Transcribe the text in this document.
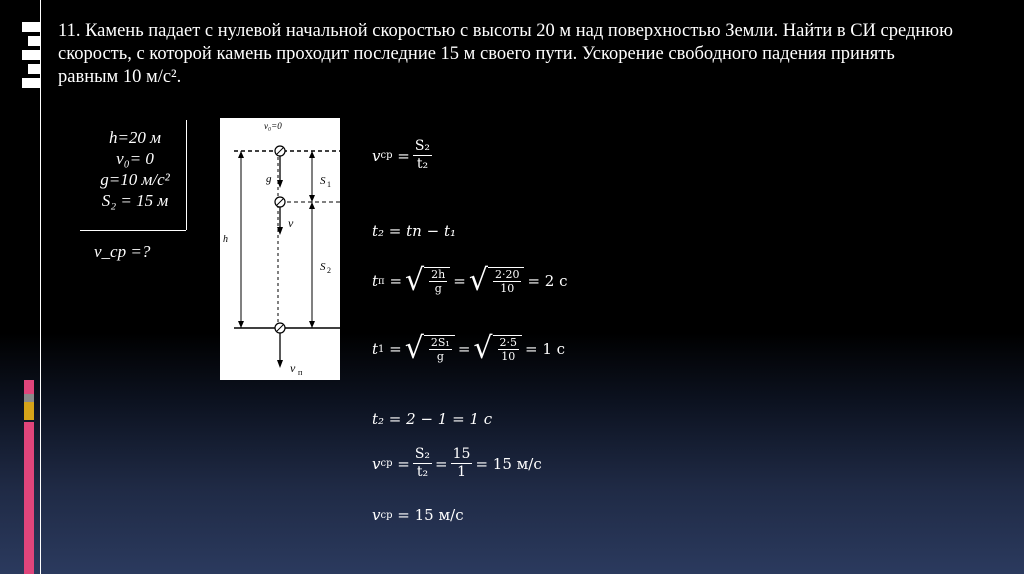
11. Камень падает с нулевой начальной скоростью с высоты 20 м над поверхностью Земли. Найти в СИ среднюю скорость, с которой камень проходит последние 15 м своего пути. Ускорение свободного падения принять равным 10 м/с².
h=20 м
v₀= 0
g=10 м/с²
S₂ = 15 м
v_ср =?
v₀=0
g
v
v п
h
S 1
S 2
v ср = $\frac{\text{S₂}}{\text{t₂}}$
t₂ = tп − t₁
t п = √ $\frac{2h}{g}$ = √ $\frac{2\cdot 20}{10} = 2$ с
t 1 = √ $\frac{\text{2S₁}}{g}$ = √ $\frac{2\cdot 5}{10} = 1$ с
t₂ = 2 − 1 = 1 с
v ср = $\frac{\text{S₂}}{\text{t₂}} = \frac{15}{1} = 15$ м/с
v ср
= 15 м/с
